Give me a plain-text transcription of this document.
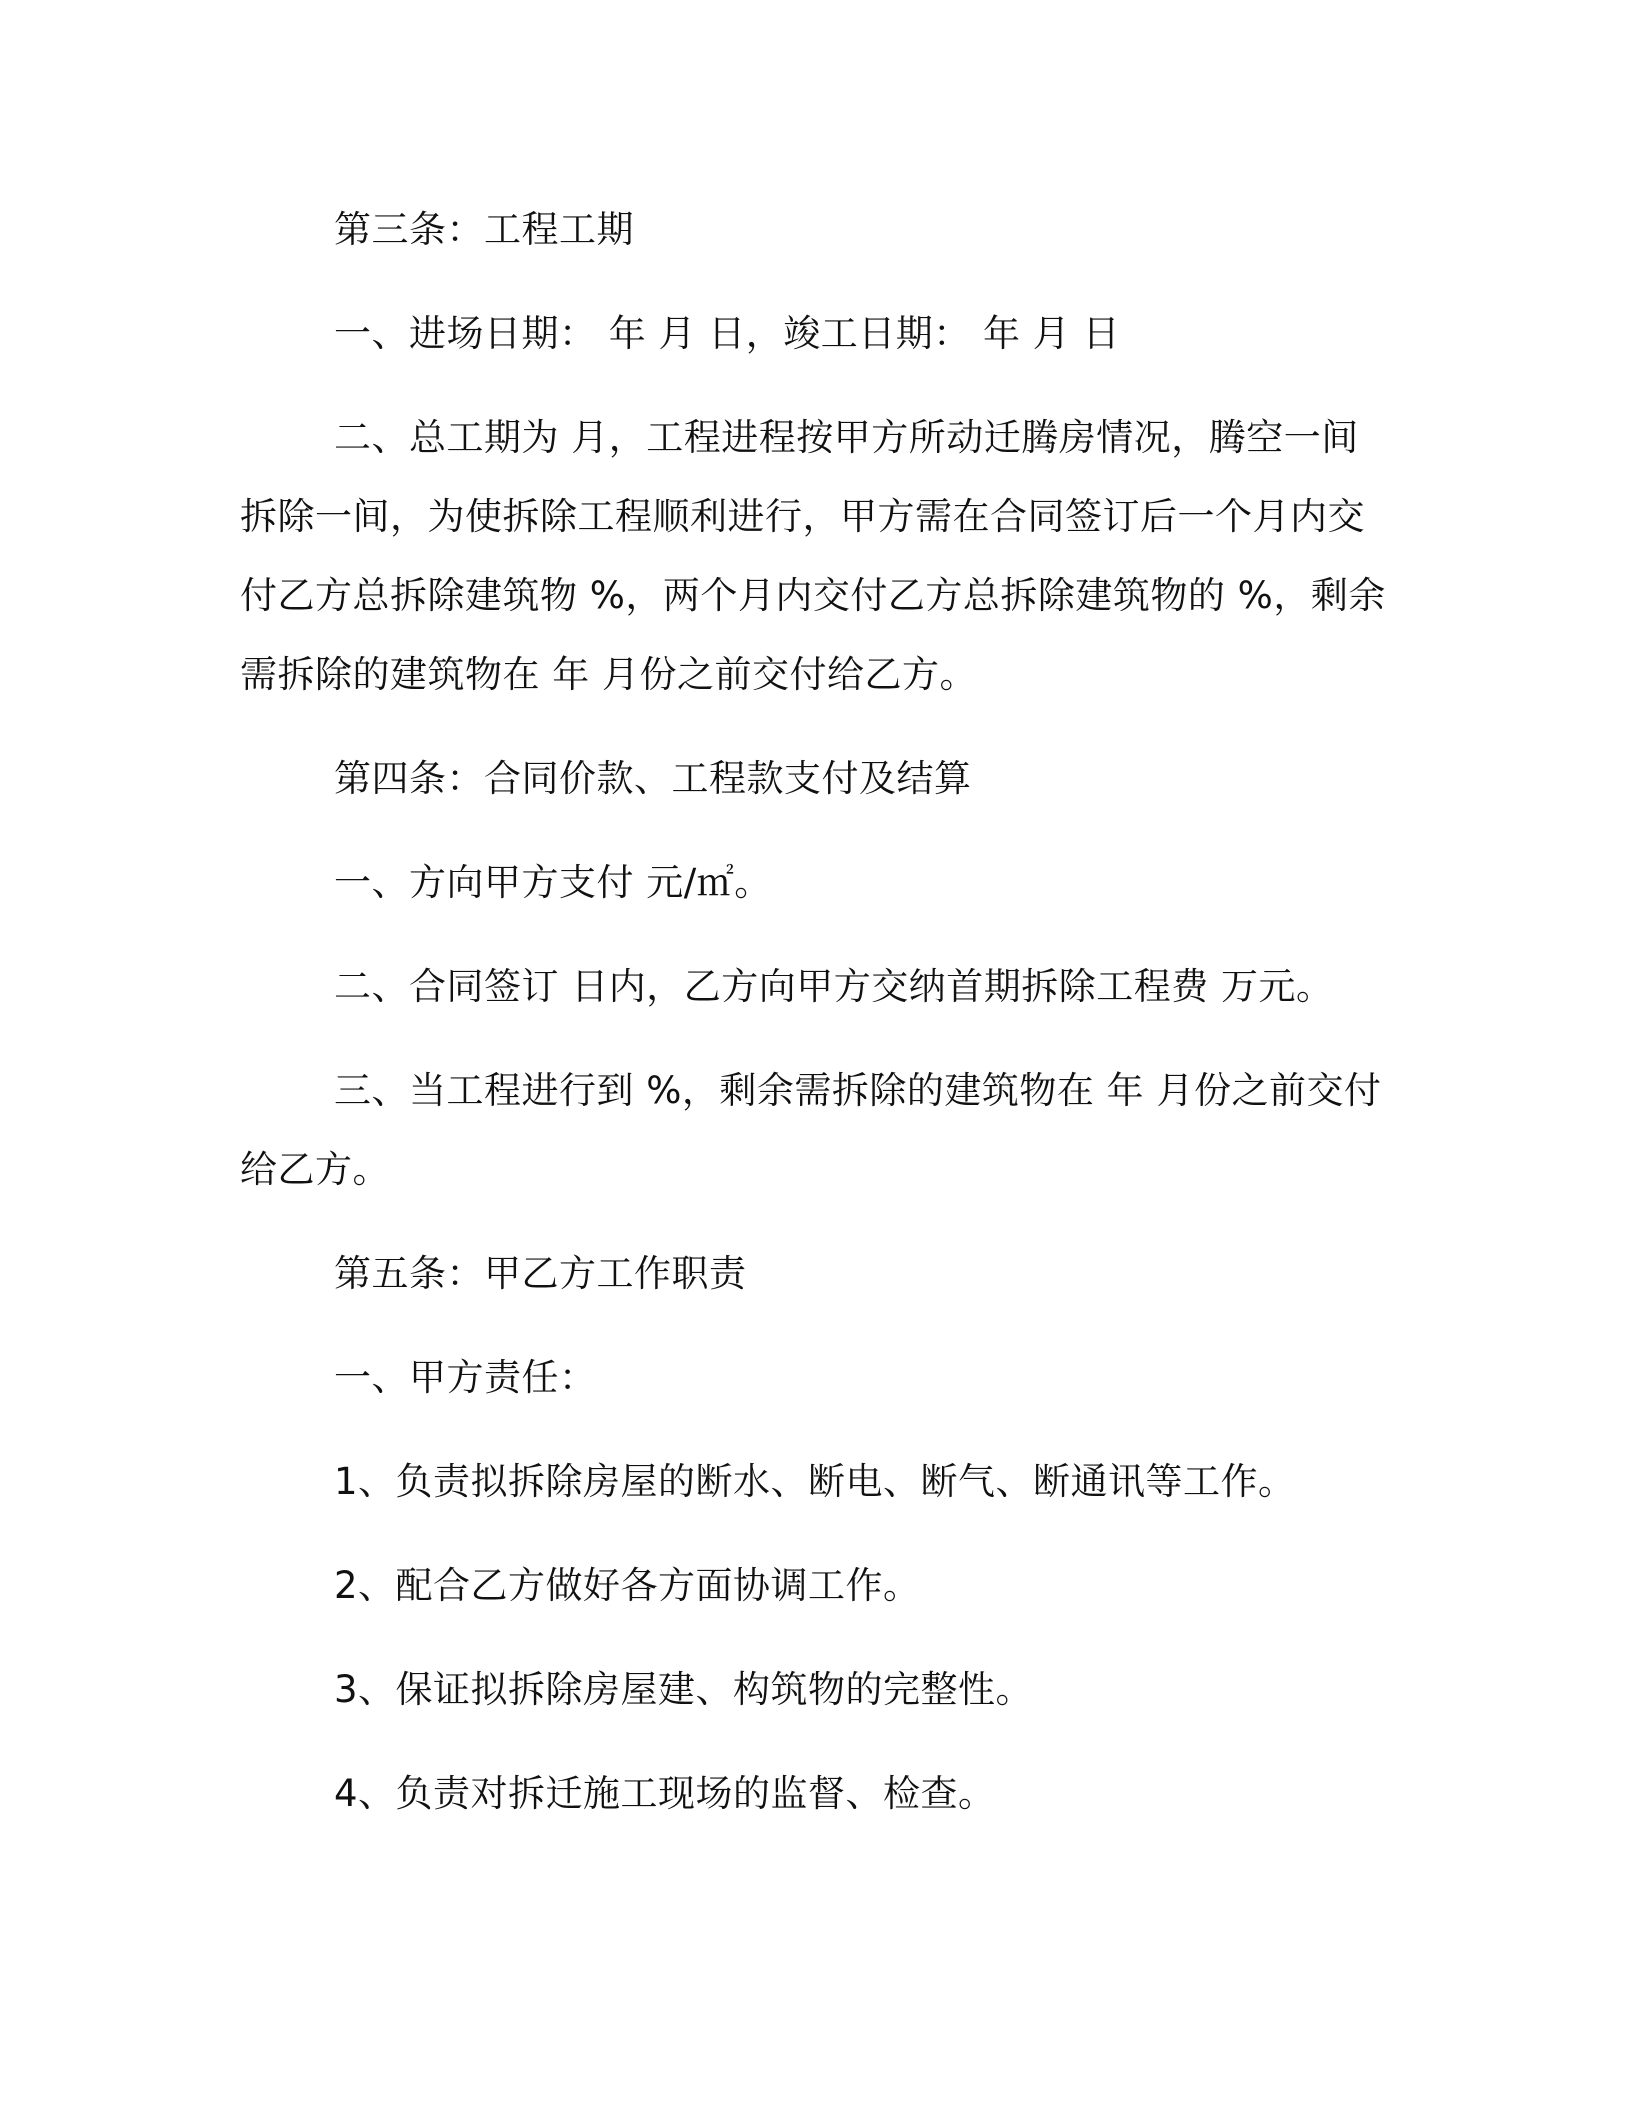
第三条：工程工期

一、进场日期： 年 月 日，竣工日期： 年 月 日

二、总工期为 月，工程进程按甲方所动迁腾房情况，腾空一间拆除一间，为使拆除工程顺利进行，甲方需在合同签订后一个月内交付乙方总拆除建筑物 %，两个月内交付乙方总拆除建筑物的 %，剩余需拆除的建筑物在 年 月份之前交付给乙方。

第四条：合同价款、工程款支付及结算

一、方向甲方支付 元/㎡。

二、合同签订 日内，乙方向甲方交纳首期拆除工程费 万元。

三、当工程进行到 %，剩余需拆除的建筑物在 年 月份之前交付给乙方。

第五条：甲乙方工作职责

一、甲方责任：

1、负责拟拆除房屋的断水、断电、断气、断通讯等工作。

2、配合乙方做好各方面协调工作。

3、保证拟拆除房屋建、构筑物的完整性。

4、负责对拆迁施工现场的监督、检查。
